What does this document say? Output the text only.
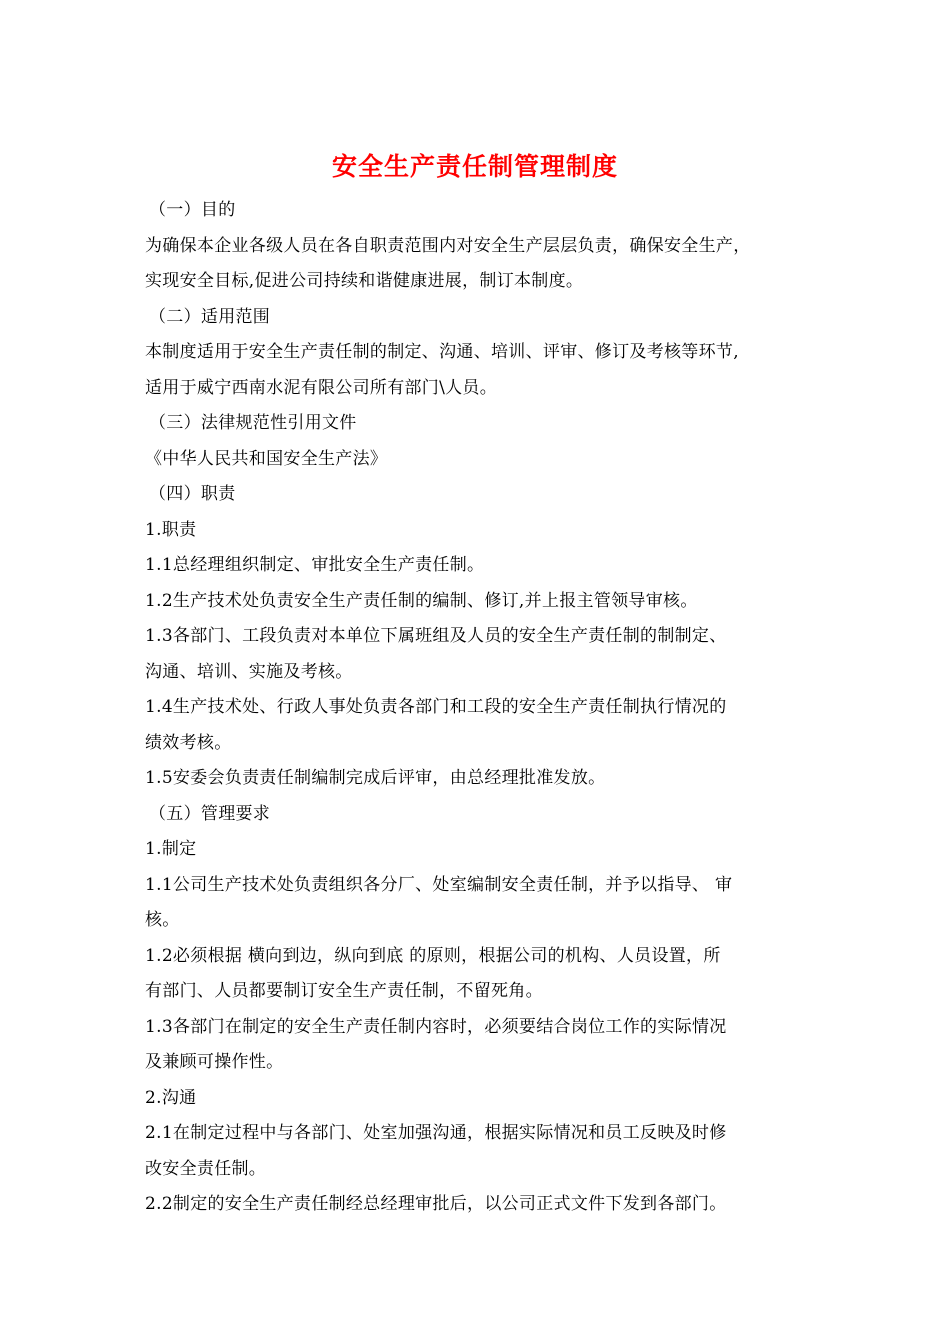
安全生产责任制管理制度
（一）目的
为确保本企业各级人员在各自职责范围内对安全生产层层负责，确保安全生产，
实现安全目标,促进公司持续和谐健康进展，制订本制度。
（二）适用范围
本制度适用于安全生产责任制的制定、沟通、培训、评审、修订及考核等环节,
适用于威宁西南水泥有限公司所有部门\人员。
（三）法律规范性引用文件
《中华人民共和国安全生产法》
（四）职责
1.职责
1.1总经理组织制定、审批安全生产责任制。
1.2生产技术处负责安全生产责任制的编制、修订,并上报主管领导审核。
1.3各部门、工段负责对本单位下属班组及人员的安全生产责任制的制制定、
沟通、培训、实施及考核。
1.4生产技术处、行政人事处负责各部门和工段的安全生产责任制执行情况的
绩效考核。
1.5安委会负责责任制编制完成后评审，由总经理批准发放。
（五）管理要求
1.制定
1.1公司生产技术处负责组织各分厂、处室编制安全责任制，并予以指导、 审
核。
1.2必须根据 横向到边，纵向到底 的原则，根据公司的机构、人员设置，所
有部门、人员都要制订安全生产责任制，不留死角。
1.3各部门在制定的安全生产责任制内容时，必须要结合岗位工作的实际情况
及兼顾可操作性。
2.沟通
2.1在制定过程中与各部门、处室加强沟通，根据实际情况和员工反映及时修
改安全责任制。
2.2制定的安全生产责任制经总经理审批后，以公司正式文件下发到各部门。
